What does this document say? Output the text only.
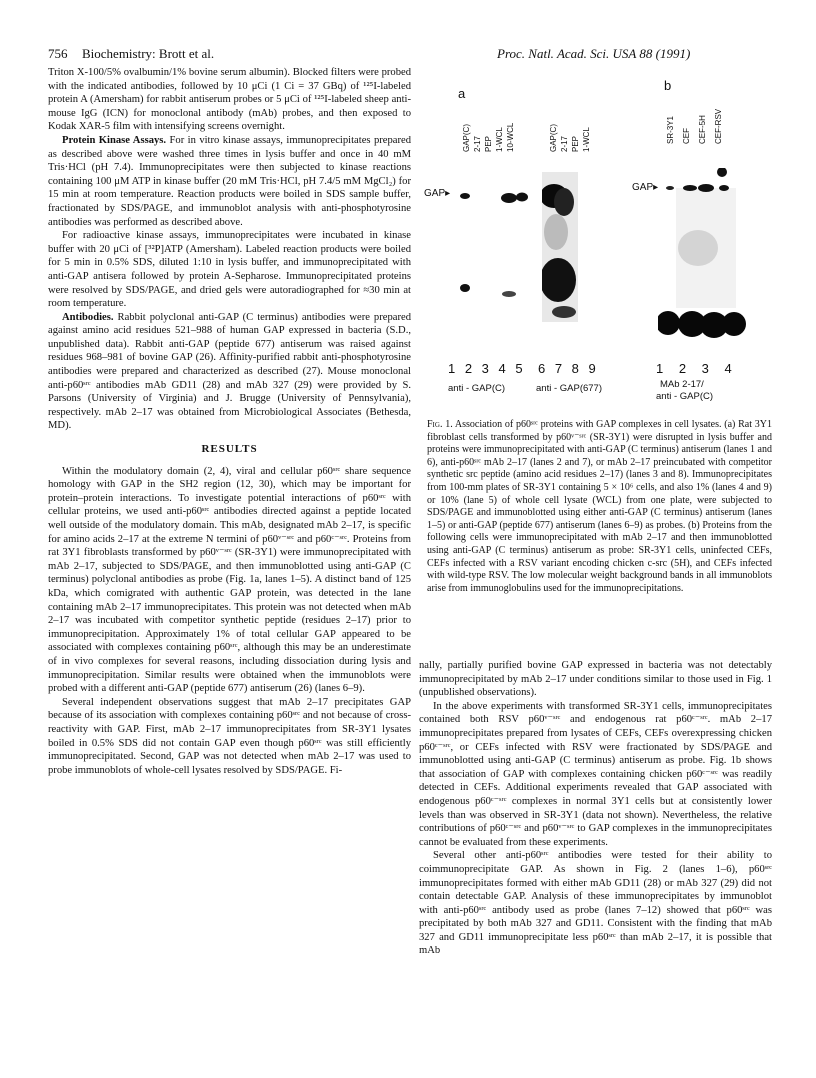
756 Biochemistry: Brott et al.	Proc. Natl. Acad. Sci. USA 88 (1991)

Triton X-100/5% ovalbumin/1% bovine serum albumin). Blocked filters were probed with the indicated antibodies, followed by 10 μCi (1 Ci = 37 GBq) of ¹²⁵I-labeled protein A (Amersham) for rabbit antiserum probes or 5 μCi of ¹²⁵I-labeled sheep anti-mouse IgG (ICN) for monoclonal antibody (mAb) probes, and then exposed to Kodak XAR-5 film with intensifying screens overnight.

Protein Kinase Assays. For in vitro kinase assays, immunoprecipitates prepared as described above were washed three times in lysis buffer and once in 40 mM Tris·HCl (pH 7.4). Immunoprecipitates were then subjected to kinase reactions containing 100 μM ATP in kinase buffer (20 mM Tris·HCl, pH 7.4/5 mM MgCl₂) for 15 min at room temperature. Reaction products were boiled in SDS sample buffer, fractionated by SDS/PAGE, and immunoblot analysis with anti-phosphotyrosine antibodies was performed as described above.

For radioactive kinase assays, immunoprecipitates were incubated in kinase buffer with 20 μCi of [³²P]ATP (Amersham). Labeled reaction products were boiled for 5 min in 0.5% SDS, diluted 1:10 in lysis buffer, and immunoprecipitated with anti-GAP antisera followed by protein A-Sepharose. Immunoprecipitated proteins were resolved by SDS/PAGE, and dried gels were autoradiographed for ≈30 min at room temperature.

Antibodies. Rabbit polyclonal anti-GAP (C terminus) antibodies were prepared against amino acid residues 521–988 of human GAP expressed in bacteria (S.D., unpublished data). Rabbit anti-GAP (peptide 677) antiserum was raised against residues 968–981 of bovine GAP (26). Affinity-purified rabbit anti-phosphotyrosine antibodies were prepared and characterized as described (27). Mouse monoclonal anti-p60ˢʳᶜ antibodies mAb GD11 (28) and mAb 327 (29) were provided by S. Parsons (University of Virginia) and J. Brugge (University of Pennsylvania), respectively. mAb 2–17 was obtained from Microbiological Associates (Bethesda, MD).

RESULTS

Within the modulatory domain (2, 4), viral and cellular p60ˢʳᶜ share sequence homology with GAP in the SH2 region (12, 30), which may be important for protein–protein interactions. To investigate potential interactions of p60ˢʳᶜ with cellular proteins, we used anti-p60ˢʳᶜ antibodies directed against a peptide located well outside of the modulatory domain. This mAb, designated mAb 2–17, is specific for amino acids 2–17 at the extreme N termini of p60ᵛ⁻ˢʳᶜ and p60ᶜ⁻ˢʳᶜ. Proteins from rat 3Y1 fibroblasts transformed by p60ᵛ⁻ˢʳᶜ (SR-3Y1) were immunoprecipitated with mAb 2–17, subjected to SDS/PAGE, and then immunoblotted using anti-GAP (C terminus) polyclonal antibodies as probe (Fig. 1a, lanes 1–5). A distinct band of 125 kDa, which comigrated with authentic GAP protein, was detected in the lane containing mAb 2–17 immunoprecipitates. This protein was not detected when mAb 2–17 was incubated with competitor synthetic peptide (residues 2–17) prior to immunoprecipitation. Approximately 1% of total cellular GAP appeared to be associated with complexes containing p60ˢʳᶜ, although this may be an underestimate of in vivo complexes for several reasons, including dissociation during lysis and immunoprecipitation. Similar results were obtained when the immunoblots were probed with a different anti-GAP (peptide 677) antiserum (26) (lanes 6–9).

Several independent observations suggest that mAb 2–17 precipitates GAP because of its association with complexes containing p60ˢʳᶜ and not because of cross-reactivity with GAP. First, mAb 2–17 immunoprecipitates from SR-3Y1 lysates boiled in 0.5% SDS did not contain GAP even though p60ˢʳᶜ was still efficiently immunoprecipitated. Second, GAP was not detected when mAb 2–17 was used to probe immunoblots of whole-cell lysates resolved by SDS/PAGE. Fi-

a
b
GAP(C) 2-17 PEP 1-WCL 10-WCL	GAP(C) 2-17 PEP 1-WCL	SR-3Y1 CEF CEF-5H CEF-RSV
GAP▸
GAP▸
1 2 3 4 5 6 7 8 9	1 2 3 4
anti - GAP(C)	anti - GAP(677)	MAb 2-17/
anti - GAP(C)
Fig. 1. Association of p60ˢʳᶜ proteins with GAP complexes in cell lysates. (a) Rat 3Y1 fibroblast cells transformed by p60ᵛ⁻ˢʳᶜ (SR-3Y1) were disrupted in lysis buffer and proteins were immunoprecipitated with anti-GAP (C terminus) antiserum (lanes 1 and 6), anti-p60ˢʳᶜ mAb 2–17 (lanes 2 and 7), or mAb 2–17 preincubated with competitor synthetic src peptide (amino acid residues 2–17) (lanes 3 and 8). Immunoprecipitates from 100-mm plates of SR-3Y1 containing 5 × 10⁶ cells, and also 1% (lanes 4 and 9) or 10% (lane 5) of whole cell lysate (WCL) from one plate, were subjected to SDS/PAGE and immunoblotted using either anti-GAP (C terminus) antiserum (lanes 1–5) or anti-GAP (peptide 677) antiserum (lanes 6–9) as probes. (b) Proteins from the following cells were immunoprecipitated with mAb 2–17 and then immunoblotted using anti-GAP (C terminus) antiserum as probe: SR-3Y1 cells, uninfected CEFs, CEFs infected with a RSV variant encoding chicken c-src (5H), and CEFs infected with wild-type RSV. The low molecular weight background bands in all immunoblots arise from immunoglobulins used for the immunoprecipitations.

nally, partially purified bovine GAP expressed in bacteria was not detectably immunoprecipitated by mAb 2–17 under conditions similar to those used in Fig. 1 (unpublished observations).

In the above experiments with transformed SR-3Y1 cells, immunoprecipitates contained both RSV p60ᵛ⁻ˢʳᶜ and endogenous rat p60ᶜ⁻ˢʳᶜ. mAb 2–17 immunoprecipitates prepared from lysates of CEFs, CEFs overexpressing chicken p60ᶜ⁻ˢʳᶜ, or CEFs infected with RSV were fractionated by SDS/PAGE and immunoblotted using anti-GAP (C terminus) antiserum as probe. Fig. 1b shows that association of GAP with complexes containing chicken p60ᶜ⁻ˢʳᶜ was readily detected in CEFs. Additional experiments revealed that GAP associated with endogenous p60ᶜ⁻ˢʳᶜ complexes in normal 3Y1 cells but at consistently lower levels than was observed in SR-3Y1 (data not shown). Nevertheless, the relative contributions of p60ᶜ⁻ˢʳᶜ and p60ᵛ⁻ˢʳᶜ to GAP complexes in the immunoprecipitates cannot be evaluated from these experiments.

Several other anti-p60ˢʳᶜ antibodies were tested for their ability to coimmunoprecipitate GAP. As shown in Fig. 2 (lanes 1–6), p60ˢʳᶜ immunoprecipitates formed with either mAb GD11 (28) or mAb 327 (29) did not contain detectable GAP. Analysis of these immunoprecipitates by immunoblot with anti-p60ˢʳᶜ antibody used as probe (lanes 7–12) showed that p60ˢʳᶜ was precipitated by both mAb 327 and GD11. Consistent with the finding that mAb 327 and GD11 immunoprecipitate less p60ˢʳᶜ than mAb 2–17, it is possible that mAb
